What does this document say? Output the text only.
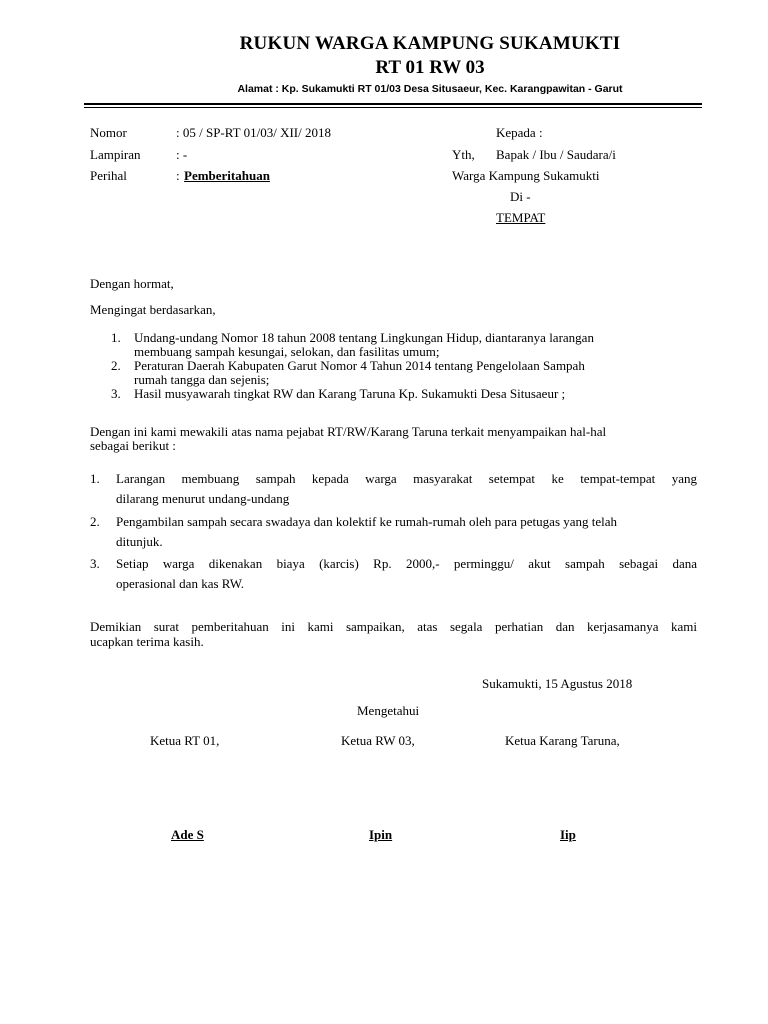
RUKUN WARGA KAMPUNG SUKAMUKTI
RT 01 RW 03
Alamat : Kp. Sukamukti RT 01/03 Desa Situsaeur, Kec. Karangpawitan - Garut
Nomor	: 05 / SP-RT 01/03/ XII/ 2018
Lampiran	: -
Perihal	: Pemberitahuan
Kepada :
Yth, Bapak / Ibu / Saudara/i
Warga Kampung Sukamukti
Di -
TEMPAT
Dengan hormat,
Mengingat berdasarkan,
1. Undang-undang Nomor 18 tahun 2008 tentang Lingkungan Hidup, diantaranya larangan
membuang sampah kesungai, selokan, dan fasilitas umum;
2. Peraturan Daerah Kabupaten Garut Nomor 4 Tahun 2014 tentang Pengelolaan Sampah
rumah tangga dan sejenis;
3. Hasil musyawarah tingkat RW dan Karang Taruna Kp. Sukamukti Desa Situsaeur ;
Dengan ini kami mewakili atas nama pejabat RT/RW/Karang Taruna terkait menyampaikan hal-hal
sebagai berikut :
1. Larangan membuang sampah kepada warga masyarakat setempat ke tempat-tempat yang
dilarang menurut undang-undang
2. Pengambilan sampah secara swadaya dan kolektif ke rumah-rumah oleh para petugas yang telah
ditunjuk.
3. Setiap warga dikenakan biaya (karcis) Rp. 2000,- perminggu/ akut sampah sebagai dana
operasional dan kas RW.
Demikian surat pemberitahuan ini kami sampaikan, atas segala perhatian dan kerjasamanya kami
ucapkan terima kasih.
Sukamukti, 15 Agustus 2018
Mengetahui
Ketua RT 01,	Ketua RW 03,	Ketua Karang Taruna,
Ade S	Ipin	Iip
